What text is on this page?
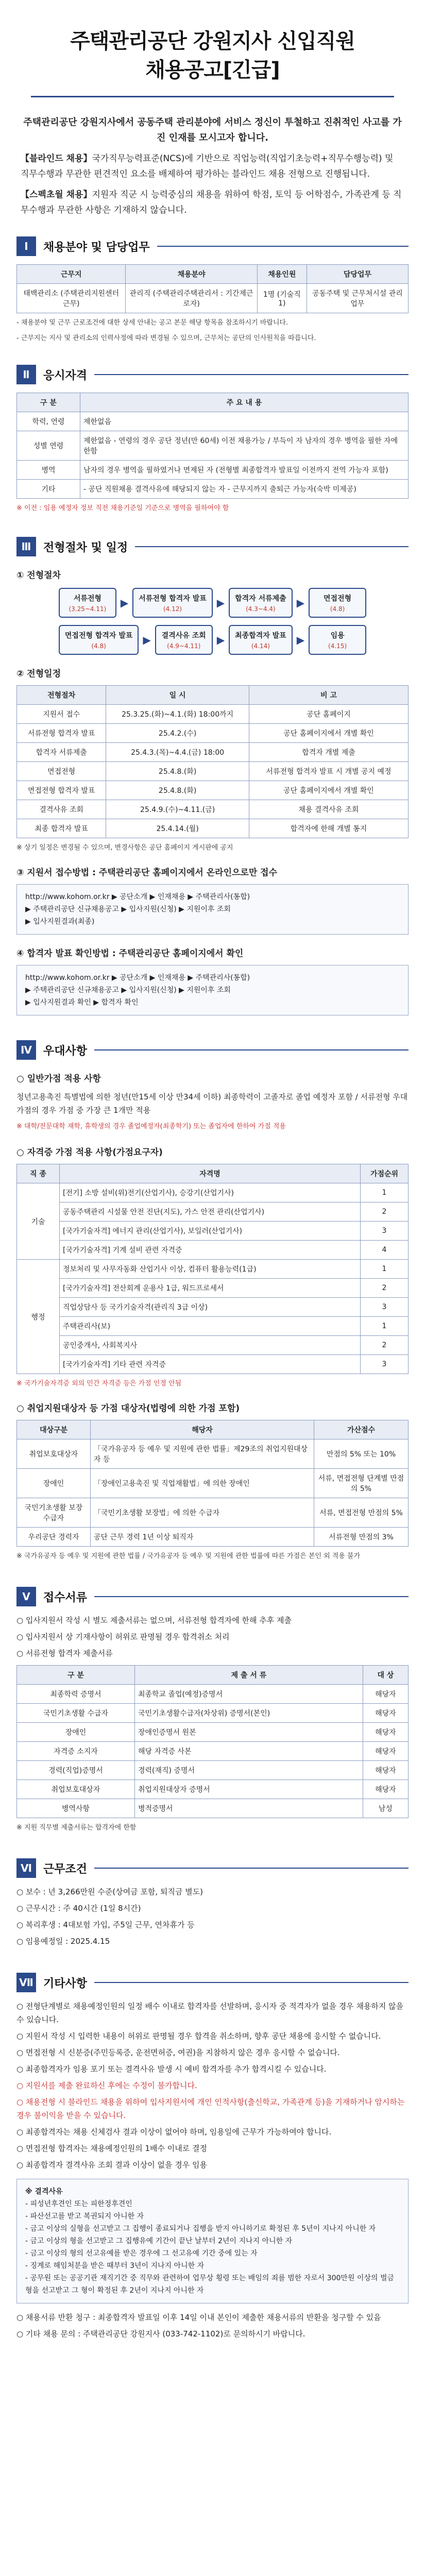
주택관리공단 강원지사 신입직원
채용공고[긴급]

주택관리공단 강원지사에서 공동주택 관리분야에 서비스 정신이 투철하고 진취적인 사고를 가진 인재를 모시고자 합니다.

【블라인드 채용】국가직무능력표준(NCS)에 기반으로 직업능력(직업기초능력+직무수행능력) 및 직무수행과 무관한 편견적인 요소를 배제하여 평가하는 블라인드 채용 전형으로 진행됩니다.

【스펙초월 채용】지원자 직군 시 능력중심의 채용을 위하여 학점, 토익 등 어학점수, 가족관계 등 직무수행과 무관한 사항은 기재하지 않습니다.

Ⅰ	채용분야 및 담당업무
근무지	채용분야	채용인원	담당업무
태백관리소 (주택관리지원센터 근무)	관리직 (주택관리주택관리서 : 기간제근로자)	1명 (기술직 1)	공동주택 및 근무처시설 관리 업무
- 채용분야 및 근무 근로조건에 대한 상세 안내는 공고 본문 해당 항목을 참조하시기 바랍니다.
- 근무지는 지사 및 관리소의 인력사정에 따라 변경될 수 있으며, 근무처는 공단의 인사원칙을 따릅니다.
Ⅱ	응시자격
구 분	주 요 내 용
학력, 연령	제한없음
성별 연령	제한없음 - 연령의 경우 공단 정년(만 60세) 이전 채용가능 / 부득이 자 남자의 경우 병역을 필한 자에 한함
병역	남자의 경우 병역을 필하였거나 면제된 자 (전형별 최종합격자 발표일 이전까지 전역 가능자 포함)
기타	- 공단 직원채용 결격사유에 해당되지 않는 자 - 근무지까지 출퇴근 가능자(숙박 미제공)
※ 이전 : 임용 예정자 정보 직전 채용기준일 기준으로 병역을 필하여야 함
Ⅲ	전형절차 및 일정
① 전형절차
서류전형
(3.25~4.11)	▶	서류전형 합격자 발표
(4.12)	▶	합격자 서류제출
(4.3~4.4)	▶	면접전형
(4.8)
면접전형 합격자 발표
(4.8)	▶	결격사유 조회
(4.9~4.11)	▶	최종합격자 발표
(4.14)	▶	임용
(4.15)
② 전형일정
전형절차	일 시	비 고
지원서 접수	25.3.25.(화)~4.1.(화) 18:00까지	공단 홈페이지
서류전형 합격자 발표	25.4.2.(수)	공단 홈페이지에서 개별 확인
합격자 서류제출	25.4.3.(목)~4.4.(금) 18:00	합격자 개별 제출
면접전형	25.4.8.(화)	서류전형 합격자 발표 시 개별 공지 예정
면접전형 합격자 발표	25.4.8.(화)	공단 홈페이지에서 개별 확인
결격사유 조회	25.4.9.(수)~4.11.(금)	채용 결격사유 조회
최종 합격자 발표	25.4.14.(월)	합격자에 한해 개별 통지
※ 상기 일정은 변경될 수 있으며, 변경사항은 공단 홈페이지 게시판에 공지
③ 지원서 접수방법 : 주택관리공단 홈페이지에서 온라인으로만 접수
http://www.kohom.or.kr ▶ 공단소개 ▶ 인재채용 ▶ 주택관리사(통합)
▶ 주택관리공단 신규채용공고 ▶ 입사지원(신청) ▶ 지원이후 조회
▶ 입사지원결과(최종)
④ 합격자 발표 확인방법 : 주택관리공단 홈페이지에서 확인
http://www.kohom.or.kr ▶ 공단소개 ▶ 인재채용 ▶ 주택관리사(통합)
▶ 주택관리공단 신규채용공고 ▶ 입사지원(신청) ▶ 지원이후 조회
▶ 입사지원결과 확인 ▶ 합격자 확인
Ⅳ	우대사항
○ 일반가점 적용 사항
청년고용촉진 특별법에 의한 청년(만15세 이상 만34세 이하) 최종학력이 고졸자로 졸업 예정자 포함 / 서류전형 우대 가점의 경우 가점 중 가장 큰 1개만 적용
※ 대학/전문대학 재학, 휴학생의 경우 졸업예정자(최종학기) 또는 졸업자에 한하여 가점 적용
○ 자격증 가점 적용 사항(가점요구자)
직 종	자격명	가점순위
기술	[전기] 소방 설비(위)전기(산업기사), 승강기(산업기사)	1
	공동주택관리 시설물 안전 진단(지도), 가스 안전 관리(산업기사)	2
	[국가기술자격] 에너지 관리(산업기사), 보일러(산업기사)	3
	[국가기술자격] 기계 설비 관련 자격증	4
행정	정보처리 및 사무자동화 산업기사 이상, 컴퓨터 활용능력(1급)	1
	[국가기술자격] 전산회계 운용사 1급, 워드프로세서	2
	직업상담사 등 국가기술자격(관리직 3급 이상)	3
	주택관리사(보)	1
	공인중개사, 사회복지사	2
	[국가기술자격] 기타 관련 자격증	3
※ 국가기술자격증 외의 민간 자격증 등은 가점 인정 안됨
○ 취업지원대상자 등 가점 대상자(법령에 의한 가점 포함)
대상구분	해당자	가산점수
취업보호대상자	「국가유공자 등 예우 및 지원에 관한 법률」제29조의 취업지원대상자 등	만점의 5% 또는 10%
장애인	「장애인고용촉진 및 직업재활법」에 의한 장애인	서류, 면접전형 단계별 만점의 5%
국민기초생활 보장 수급자	「국민기초생활 보장법」에 의한 수급자	서류, 면접전형 만점의 5%
우리공단 경력자	공단 근무 경력 1년 이상 퇴직자	서류전형 만점의 3%
※ 국가유공자 등 예우 및 지원에 관한 법률 / 국가유공자 등 예우 및 지원에 관한 법률에 따른 가점은 본인 외 적용 불가
Ⅴ	접수서류
○ 입사지원서 작성 시 별도 제출서류는 없으며, 서류전형 합격자에 한해 추후 제출
○ 입사지원서 상 기재사항이 허위로 판명될 경우 합격취소 처리
○ 서류전형 합격자 제출서류
구 분	제 출 서 류	대 상
최종학력 증명서	최종학교 졸업(예정)증명서	해당자
국민기초생활 수급자	국민기초생활수급자(차상위) 증명서(본인)	해당자
장애인	장애인증명서 원본	해당자
자격증 소지자	해당 자격증 사본	해당자
경력(직업)증명서	경력(재직) 증명서	해당자
취업보호대상자	취업지원대상자 증명서	해당자
병역사항	병적증명서	남성
※ 지원 직무별 제출서류는 합격자에 한함
Ⅵ	근무조건
○ 보수 : 년 3,266만원 수준(상여금 포함, 퇴직금 별도)
○ 근무시간 : 주 40시간 (1일 8시간)
○ 복리후생 : 4대보험 가입, 주5일 근무, 연차휴가 등
○ 임용예정일 : 2025.4.15
Ⅶ 기타사항
○ 전형단계별로 채용예정인원의 일정 배수 이내로 합격자를 선발하며, 응시자 중 적격자가 없을 경우 채용하지 않을 수 있습니다.
○ 지원서 작성 시 입력한 내용이 허위로 판명될 경우 합격을 취소하며, 향후 공단 채용에 응시할 수 없습니다.
○ 면접전형 시 신분증(주민등록증, 운전면허증, 여권)을 지참하지 않은 경우 응시할 수 없습니다.
○ 최종합격자가 임용 포기 또는 결격사유 발생 시 예비 합격자를 추가 합격시킬 수 있습니다.
○ 지원서를 제출 완료하신 후에는 수정이 불가합니다.
○ 채용전형 시 블라인드 채용을 위하여 입사지원서에 개인 인적사항(출신학교, 가족관계 등)을 기재하거나 암시하는 경우 불이익을 받을 수 있습니다.
○ 최종합격자는 채용 신체검사 결과 이상이 없어야 하며, 임용일에 근무가 가능하여야 합니다.
○ 면접전형 합격자는 채용예정인원의 1배수 이내로 결정
○ 최종합격자 결격사유 조회 결과 이상이 없을 경우 임용
※ 결격사유
- 피성년후견인 또는 피한정후견인
- 파산선고를 받고 복권되지 아니한 자
- 금고 이상의 실형을 선고받고 그 집행이 종료되거나 집행을 받지 아니하기로 확정된 후 5년이 지나지 아니한 자
- 금고 이상의 형을 선고받고 그 집행유예 기간이 끝난 날부터 2년이 지나지 아니한 자
- 금고 이상의 형의 선고유예를 받은 경우에 그 선고유예 기간 중에 있는 자
- 징계로 해임처분을 받은 때부터 3년이 지나지 아니한 자
- 공무원 또는 공공기관 재직기간 중 직무와 관련하여 업무상 횡령 또는 배임의 죄를 범한 자로서 300만원 이상의 벌금형을 선고받고 그 형이 확정된 후 2년이 지나지 아니한 자
○ 채용서류 반환 청구 : 최종합격자 발표일 이후 14일 이내 본인이 제출한 채용서류의 반환을 청구할 수 있음
○ 기타 채용 문의 : 주택관리공단 강원지사 (033-742-1102)로 문의하시기 바랍니다.
